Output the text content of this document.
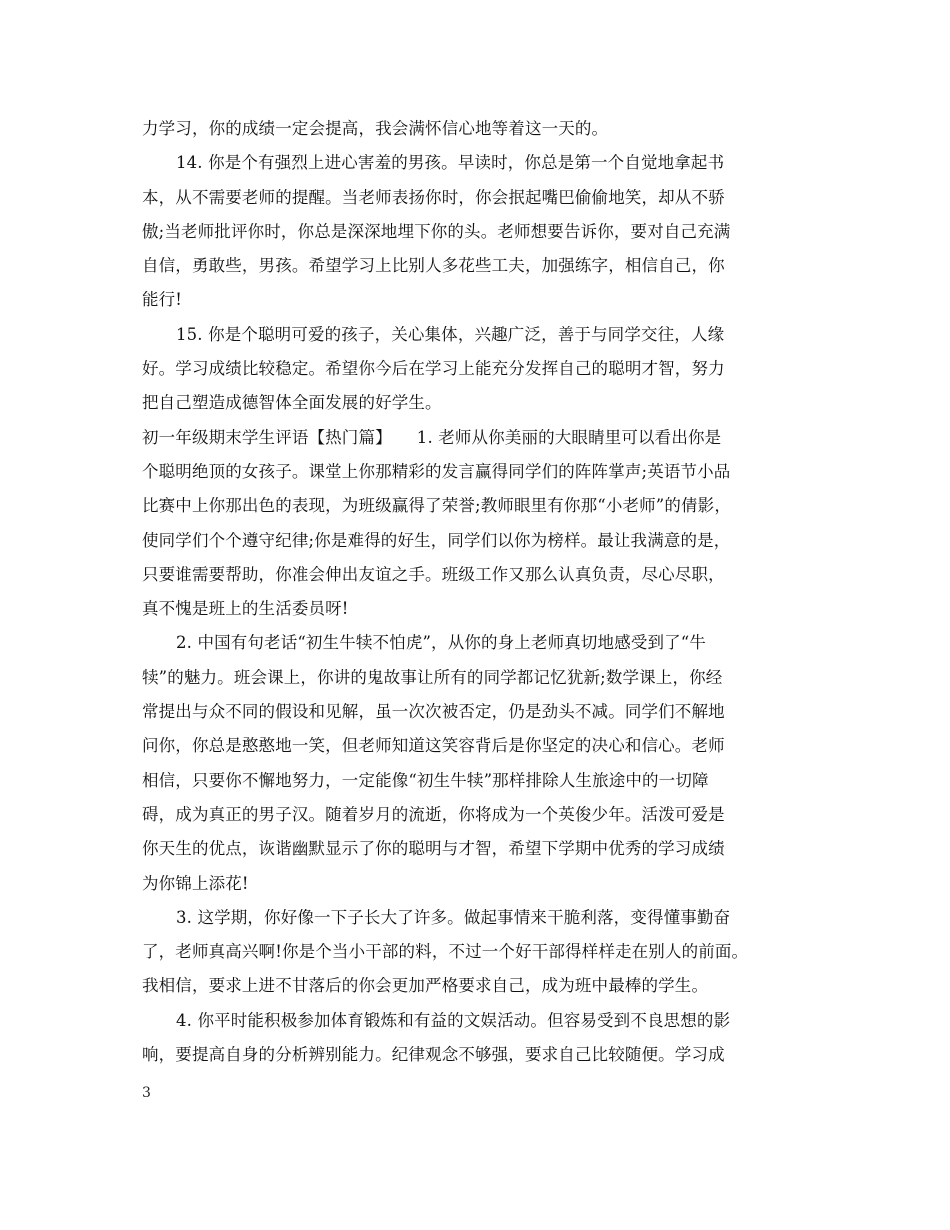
力学习，你的成绩一定会提高，我会满怀信心地等着这一天的。
14. 你是个有强烈上进心害羞的男孩。早读时，你总是第一个自觉地拿起书
本，从不需要老师的提醒。当老师表扬你时，你会抿起嘴巴偷偷地笑，却从不骄
傲;当老师批评你时，你总是深深地埋下你的头。老师想要告诉你，要对自己充满
自信，勇敢些，男孩。希望学习上比别人多花些工夫，加强练字，相信自己，你
能行!
15. 你是个聪明可爱的孩子，关心集体，兴趣广泛，善于与同学交往，人缘
好。学习成绩比较稳定。希望你今后在学习上能充分发挥自己的聪明才智，努力
把自己塑造成德智体全面发展的好学生。
初一年级期末学生评语【热门篇】　　1. 老师从你美丽的大眼睛里可以看出你是
个聪明绝顶的女孩子。课堂上你那精彩的发言赢得同学们的阵阵掌声;英语节小品
比赛中上你那出色的表现，为班级赢得了荣誉;教师眼里有你那“小老师”的倩影，
使同学们个个遵守纪律;你是难得的好生，同学们以你为榜样。最让我满意的是，
只要谁需要帮助，你准会伸出友谊之手。班级工作又那么认真负责，尽心尽职，
真不愧是班上的生活委员呀!
2. 中国有句老话“初生牛犊不怕虎”，从你的身上老师真切地感受到了“牛
犊”的魅力。班会课上，你讲的鬼故事让所有的同学都记忆犹新;数学课上，你经
常提出与众不同的假设和见解，虽一次次被否定，仍是劲头不减。同学们不解地
问你，你总是憨憨地一笑，但老师知道这笑容背后是你坚定的决心和信心。老师
相信，只要你不懈地努力，一定能像“初生牛犊”那样排除人生旅途中的一切障
碍，成为真正的男子汉。随着岁月的流逝，你将成为一个英俊少年。活泼可爱是
你天生的优点，诙谐幽默显示了你的聪明与才智，希望下学期中优秀的学习成绩
为你锦上添花!
3. 这学期，你好像一下子长大了许多。做起事情来干脆利落，变得懂事勤奋
了，老师真高兴啊!你是个当小干部的料，不过一个好干部得样样走在别人的前面。
我相信，要求上进不甘落后的你会更加严格要求自己，成为班中最棒的学生。
4. 你平时能积极参加体育锻炼和有益的文娱活动。但容易受到不良思想的影
响，要提高自身的分析辨别能力。纪律观念不够强，要求自己比较随便。学习成
3
